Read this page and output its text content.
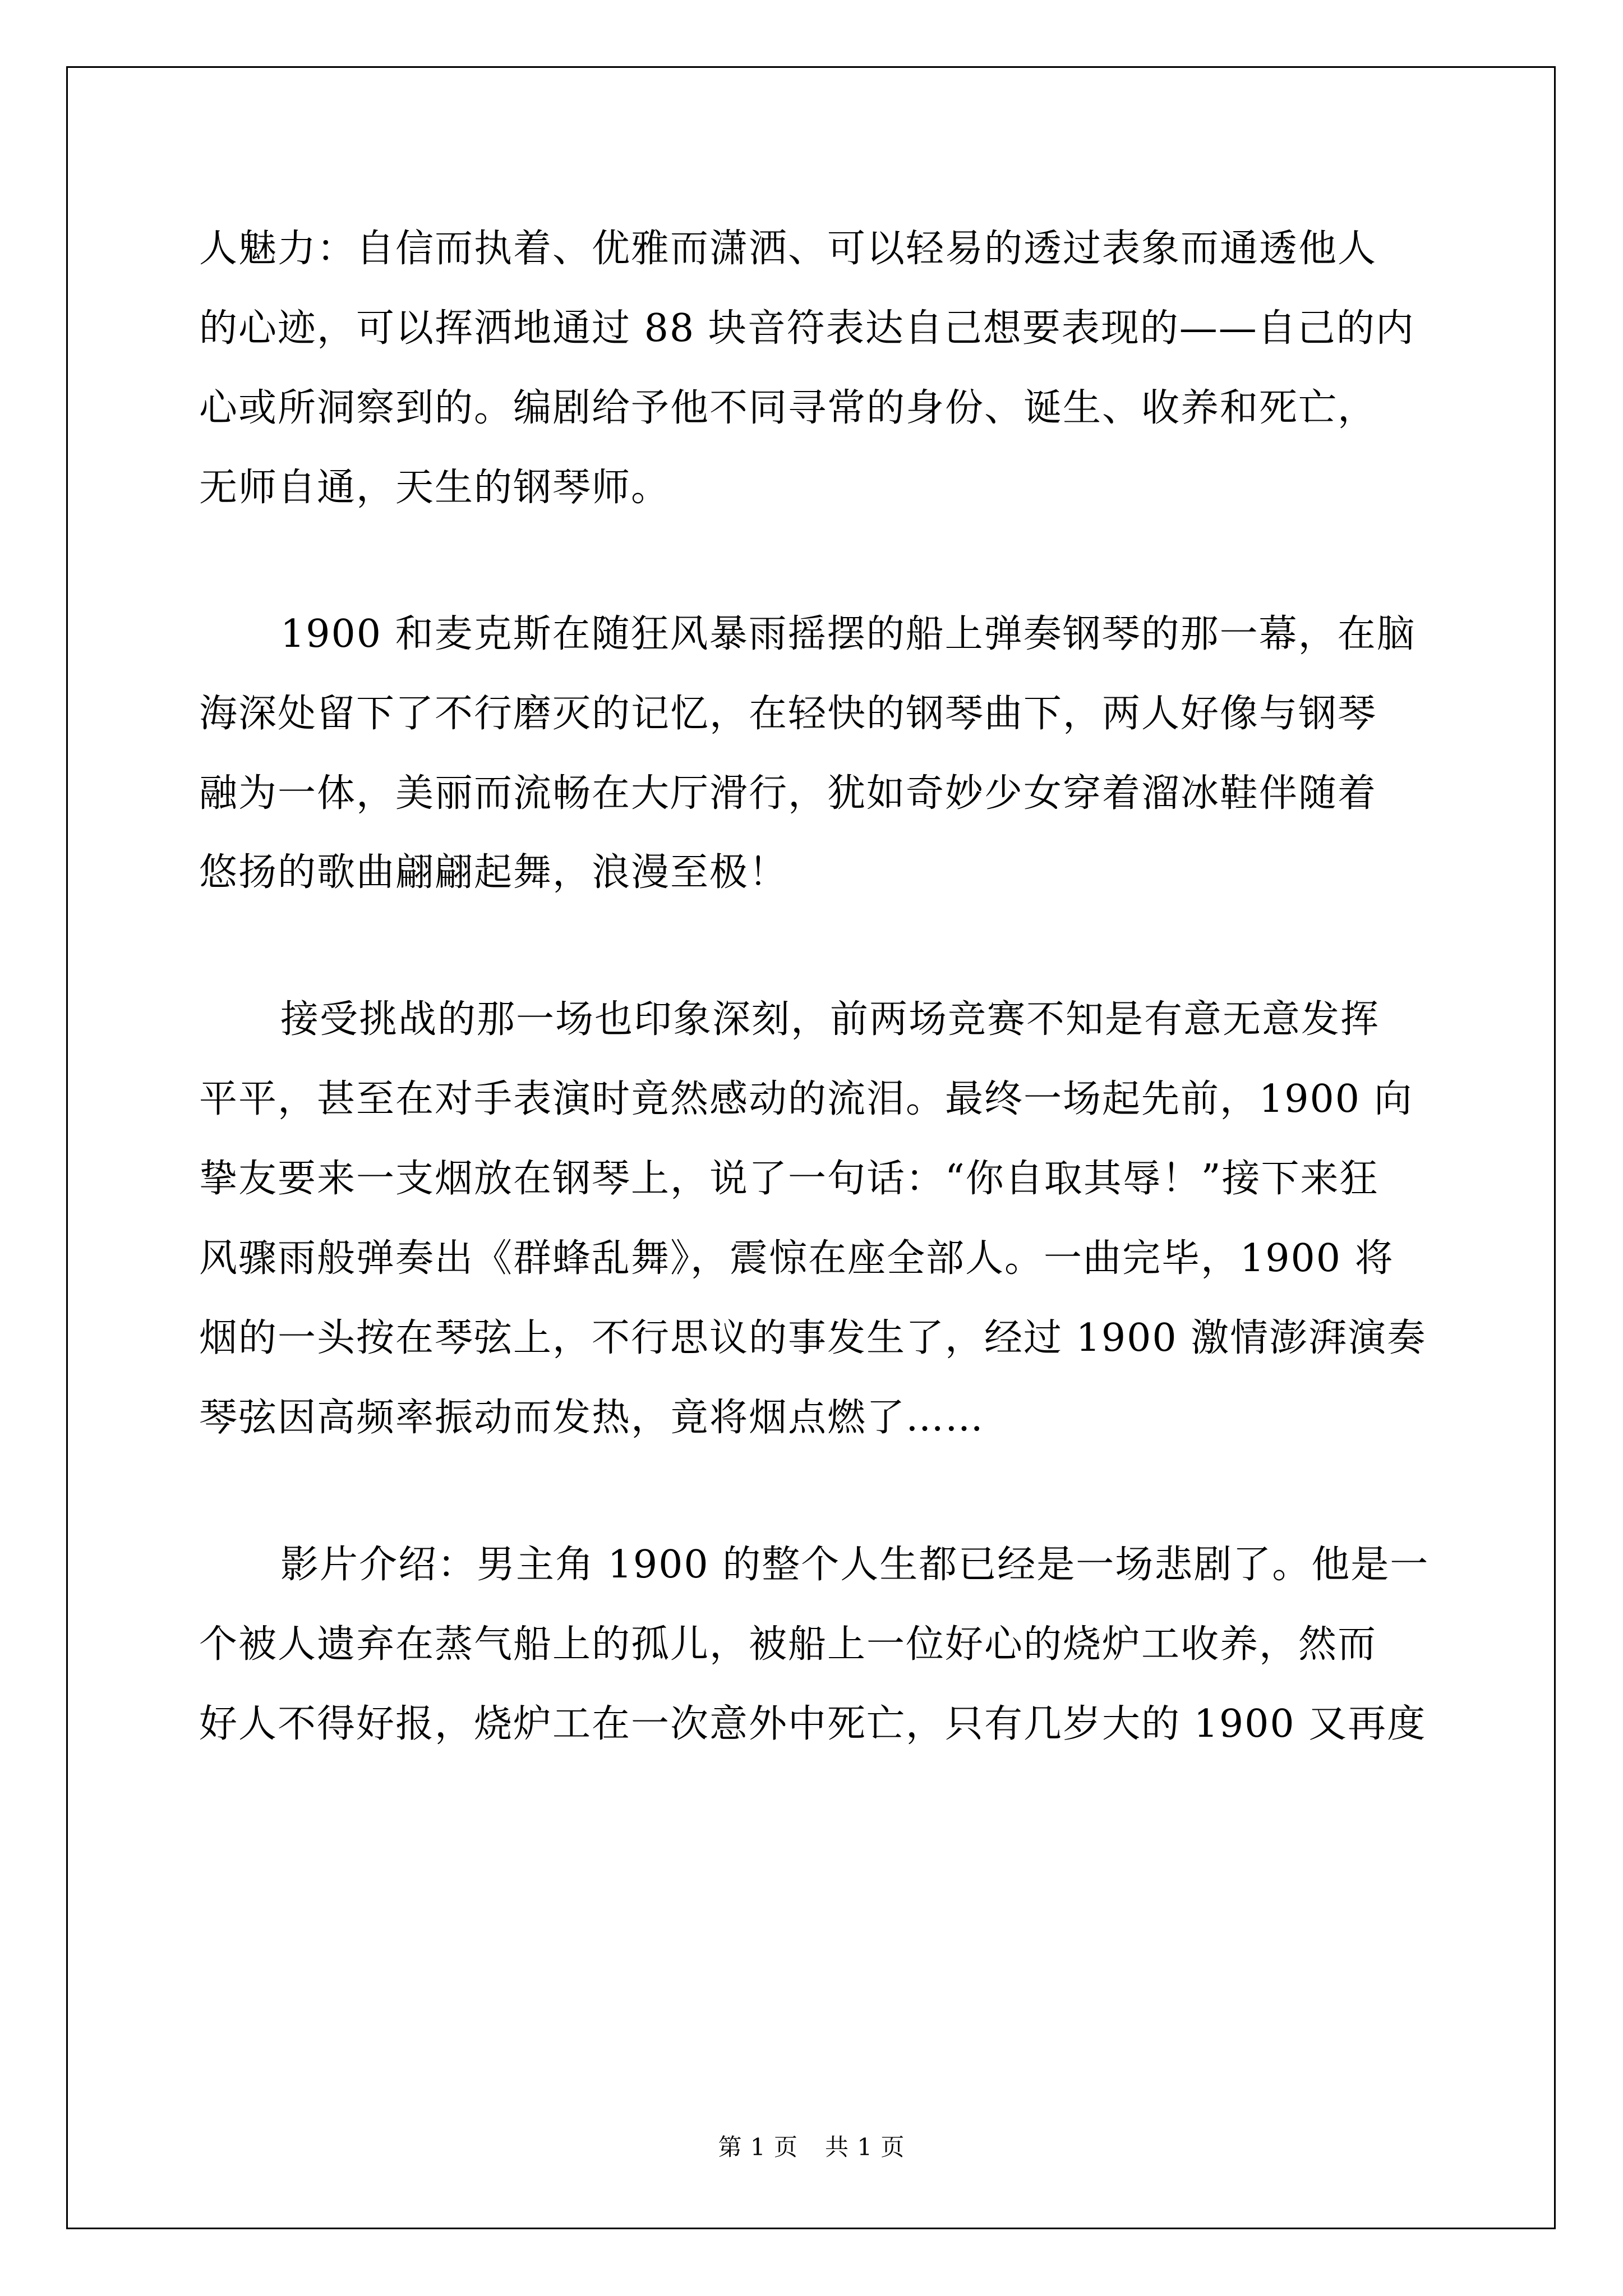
人魅力：自信而执着、优雅而潇洒、可以轻易的透过表象而通透他人
的心迹，可以挥洒地通过 88 块音符表达自己想要表现的——自己的内
心或所洞察到的。编剧给予他不同寻常的身份、诞生、收养和死亡，
无师自通，天生的钢琴师。
1900 和麦克斯在随狂风暴雨摇摆的船上弹奏钢琴的那一幕，在脑
海深处留下了不行磨灭的记忆，在轻快的钢琴曲下，两人好像与钢琴
融为一体，美丽而流畅在大厅滑行，犹如奇妙少女穿着溜冰鞋伴随着
悠扬的歌曲翩翩起舞，浪漫至极！
接受挑战的那一场也印象深刻，前两场竞赛不知是有意无意发挥
平平，甚至在对手表演时竟然感动的流泪。最终一场起先前，1900 向
挚友要来一支烟放在钢琴上，说了一句话：“你自取其辱！”接下来狂
风骤雨般弹奏出《群蜂乱舞》，震惊在座全部人。一曲完毕，1900 将
烟的一头按在琴弦上，不行思议的事发生了，经过 1900 激情澎湃演奏
琴弦因高频率振动而发热，竟将烟点燃了……
影片介绍：男主角 1900 的整个人生都已经是一场悲剧了。他是一
个被人遗弃在蒸气船上的孤儿，被船上一位好心的烧炉工收养，然而
好人不得好报，烧炉工在一次意外中死亡，只有几岁大的 1900 又再度
第 1 页 共 1 页
